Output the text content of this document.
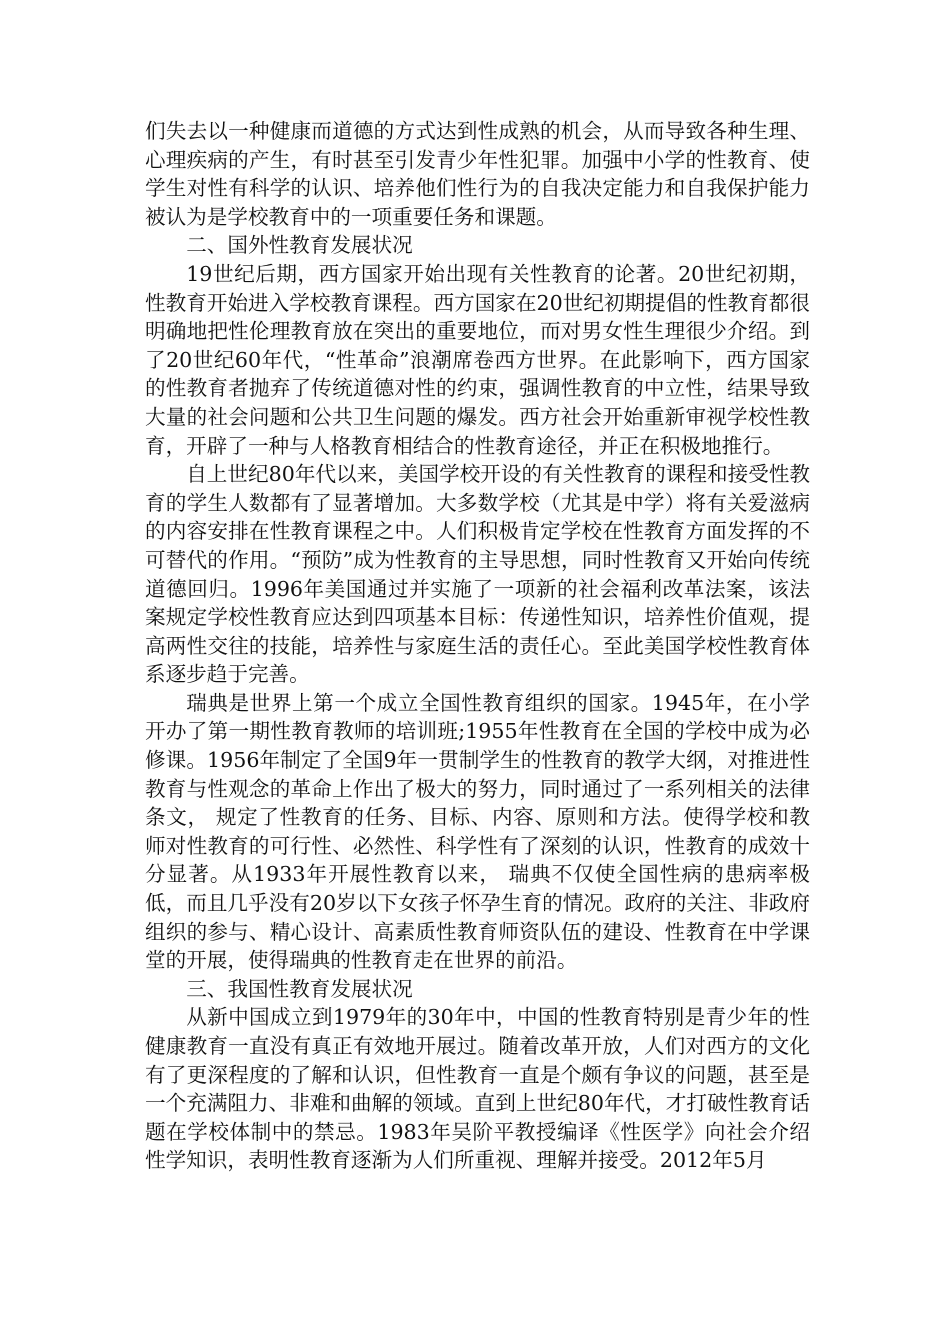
们失去以一种健康而道德的方式达到性成熟的机会，从而导致各种生理、心理疾病的产生，有时甚至引发青少年性犯罪。加强中小学的性教育、使学生对性有科学的认识、培养他们性行为的自我决定能力和自我保护能力被认为是学校教育中的一项重要任务和课题。

二、国外性教育发展状况

19世纪后期，西方国家开始出现有关性教育的论著。20世纪初期，性教育开始进入学校教育课程。西方国家在20世纪初期提倡的性教育都很明确地把性伦理教育放在突出的重要地位，而对男女性生理很少介绍。到了20世纪60年代，“性革命”浪潮席卷西方世界。在此影响下，西方国家的性教育者抛弃了传统道德对性的约束，强调性教育的中立性，结果导致大量的社会问题和公共卫生问题的爆发。西方社会开始重新审视学校性教育，开辟了一种与人格教育相结合的性教育途径，并正在积极地推行。

自上世纪80年代以来，美国学校开设的有关性教育的课程和接受性教育的学生人数都有了显著增加。大多数学校（尤其是中学）将有关爱滋病的内容安排在性教育课程之中。人们积极肯定学校在性教育方面发挥的不可替代的作用。“预防”成为性教育的主导思想，同时性教育又开始向传统道德回归。1996年美国通过并实施了一项新的社会福利改革法案，该法案规定学校性教育应达到四项基本目标：传递性知识，培养性价值观，提高两性交往的技能，培养性与家庭生活的责任心。至此美国学校性教育体系逐步趋于完善。

瑞典是世界上第一个成立全国性教育组织的国家。1945年，在小学开办了第一期性教育教师的培训班;1955年性教育在全国的学校中成为必修课。1956年制定了全国9年一贯制学生的性教育的教学大纲，对推进性教育与性观念的革命上作出了极大的努力，同时通过了一系列相关的法律条文， 规定了性教育的任务、目标、内容、原则和方法。使得学校和教师对性教育的可行性、必然性、科学性有了深刻的认识，性教育的成效十分显著。从1933年开展性教育以来， 瑞典不仅使全国性病的患病率极低，而且几乎没有20岁以下女孩子怀孕生育的情况。政府的关注、非政府组织的参与、精心设计、高素质性教育师资队伍的建设、性教育在中学课堂的开展，使得瑞典的性教育走在世界的前沿。

三、我国性教育发展状况

从新中国成立到1979年的30年中，中国的性教育特别是青少年的性健康教育一直没有真正有效地开展过。随着改革开放，人们对西方的文化有了更深程度的了解和认识，但性教育一直是个颇有争议的问题，甚至是一个充满阻力、非难和曲解的领域。直到上世纪80年代，才打破性教育话题在学校体制中的禁忌。1983年吴阶平教授编译《性医学》向社会介绍性学知识，表明性教育逐渐为人们所重视、理解并接受。2012年5月
